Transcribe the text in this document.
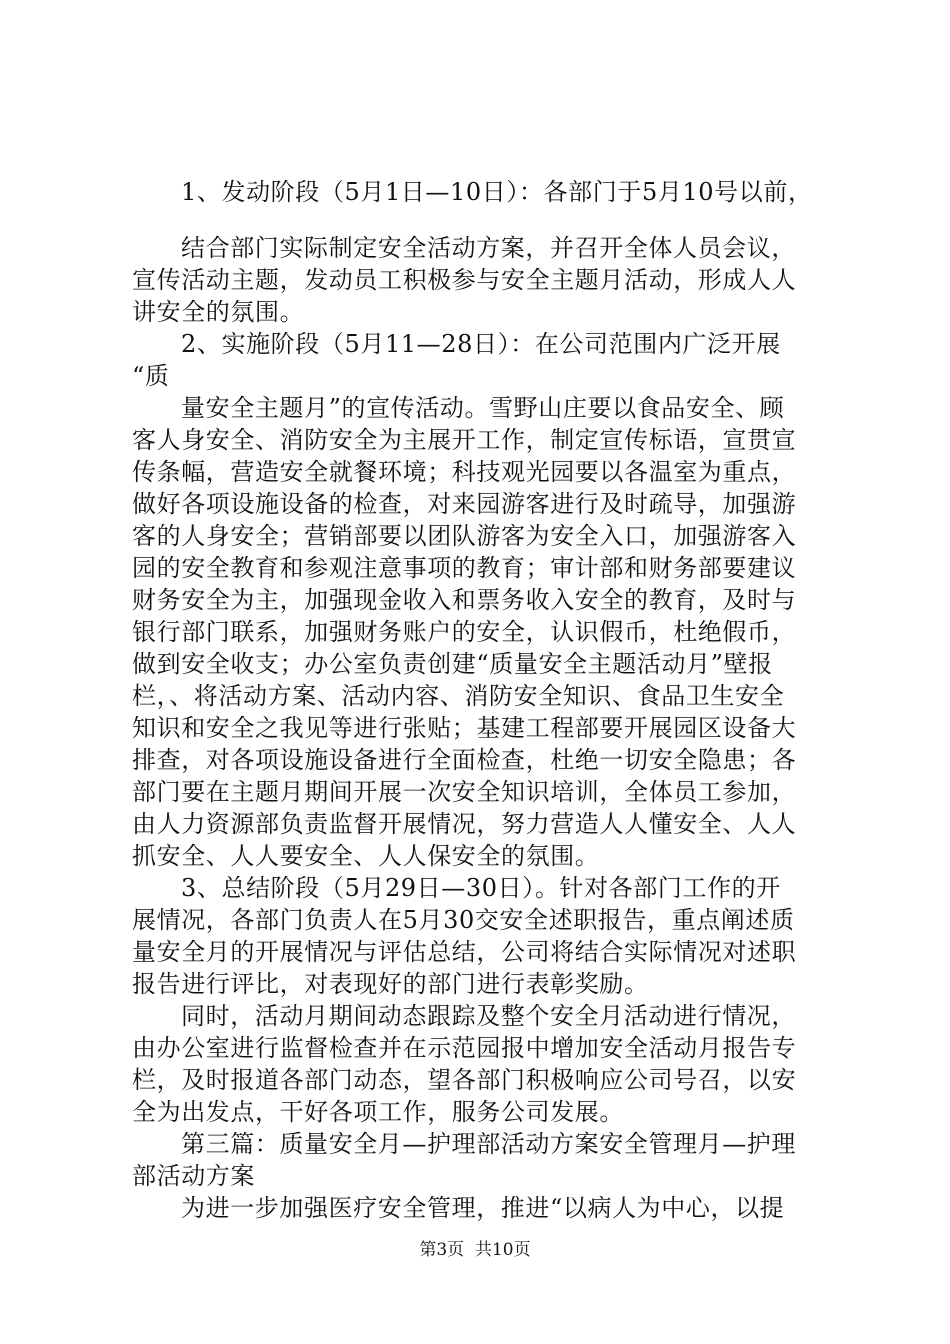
1、发动阶段（5月1日—10日）：各部门于5月10号以前，
结合部门实际制定安全活动方案，并召开全体人员会议，
宣传活动主题，发动员工积极参与安全主题月活动，形成人人
讲安全的氛围。
2、实施阶段（5月11—28日）：在公司范围内广泛开展
“质
量安全主题月”的宣传活动。雪野山庄要以食品安全、顾
客人身安全、消防安全为主展开工作，制定宣传标语，宣贯宣
传条幅，营造安全就餐环境；科技观光园要以各温室为重点，
做好各项设施设备的检查，对来园游客进行及时疏导，加强游
客的人身安全；营销部要以团队游客为安全入口，加强游客入
园的安全教育和参观注意事项的教育；审计部和财务部要建议
财务安全为主，加强现金收入和票务收入安全的教育，及时与
银行部门联系，加强财务账户的安全，认识假币，杜绝假币，
做到安全收支；办公室负责创建“质量安全主题活动月”壁报
栏，、将活动方案、活动内容、消防安全知识、食品卫生安全
知识和安全之我见等进行张贴；基建工程部要开展园区设备大
排查，对各项设施设备进行全面检查，杜绝一切安全隐患；各
部门要在主题月期间开展一次安全知识培训，全体员工参加，
由人力资源部负责监督开展情况，努力营造人人懂安全、人人
抓安全、人人要安全、人人保安全的氛围。
3、总结阶段（5月29日—30日）。针对各部门工作的开
展情况，各部门负责人在5月30交安全述职报告，重点阐述质
量安全月的开展情况与评估总结，公司将结合实际情况对述职
报告进行评比，对表现好的部门进行表彰奖励。
同时，活动月期间动态跟踪及整个安全月活动进行情况，
由办公室进行监督检查并在示范园报中增加安全活动月报告专
栏，及时报道各部门动态，望各部门积极响应公司号召，以安
全为出发点，干好各项工作，服务公司发展。
第三篇：质量安全月—护理部活动方案安全管理月—护理
部活动方案
为进一步加强医疗安全管理，推进“以病人为中心，以提
第3页  共10页
